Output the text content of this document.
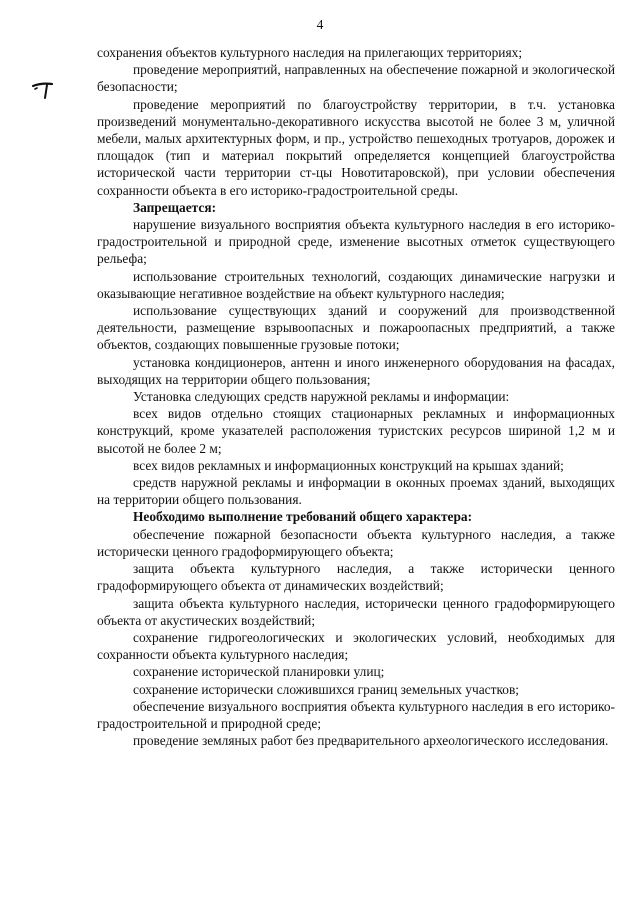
4

сохранения объектов культурного наследия на прилегающих территориях;

проведение мероприятий, направленных на обеспечение пожарной и экологической безопасности;

проведение мероприятий по благоустройству территории, в т.ч. установка произведений монументально-декоративного искусства высотой не более 3 м, уличной мебели, малых архитектурных форм, и пр., устройство пешеходных тротуаров, дорожек и площадок (тип и материал покрытий определяется концепцией благоустройства исторической части территории ст-цы Новотитаровской), при условии обеспечения сохранности объекта в его историко-градостроительной среды.

Запрещается:

нарушение визуального восприятия объекта культурного наследия в его историко-градостроительной и природной среде, изменение высотных отметок существующего рельефа;

использование строительных технологий, создающих динамические нагрузки и оказывающие негативное воздействие на объект культурного наследия;

использование существующих зданий и сооружений для производственной деятельности, размещение взрывоопасных и пожароопасных предприятий, а также объектов, создающих повышенные грузовые потоки;

установка кондиционеров, антенн и иного инженерного оборудования на фасадах, выходящих на территории общего пользования;

Установка следующих средств наружной рекламы и информации:

всех видов отдельно стоящих стационарных рекламных и информационных конструкций, кроме указателей расположения туристских ресурсов шириной 1,2 м и высотой не более 2 м;

всех видов рекламных и информационных конструкций на крышах зданий;

средств наружной рекламы и информации в оконных проемах зданий, выходящих на территории общего пользования.

Необходимо выполнение требований общего характера:

обеспечение пожарной безопасности объекта культурного наследия, а также исторически ценного градоформирующего объекта;

защита объекта культурного наследия, а также исторически ценного градоформирующего объекта от динамических воздействий;

защита объекта культурного наследия, исторически ценного градоформирующего объекта от акустических воздействий;

сохранение гидрогеологических и экологических условий, необходимых для сохранности объекта культурного наследия;

сохранение исторической планировки улиц;

сохранение исторически сложившихся границ земельных участков;

обеспечение визуального восприятия объекта культурного наследия в его историко-градостроительной и природной среде;

проведение земляных работ без предварительного археологического исследования.
